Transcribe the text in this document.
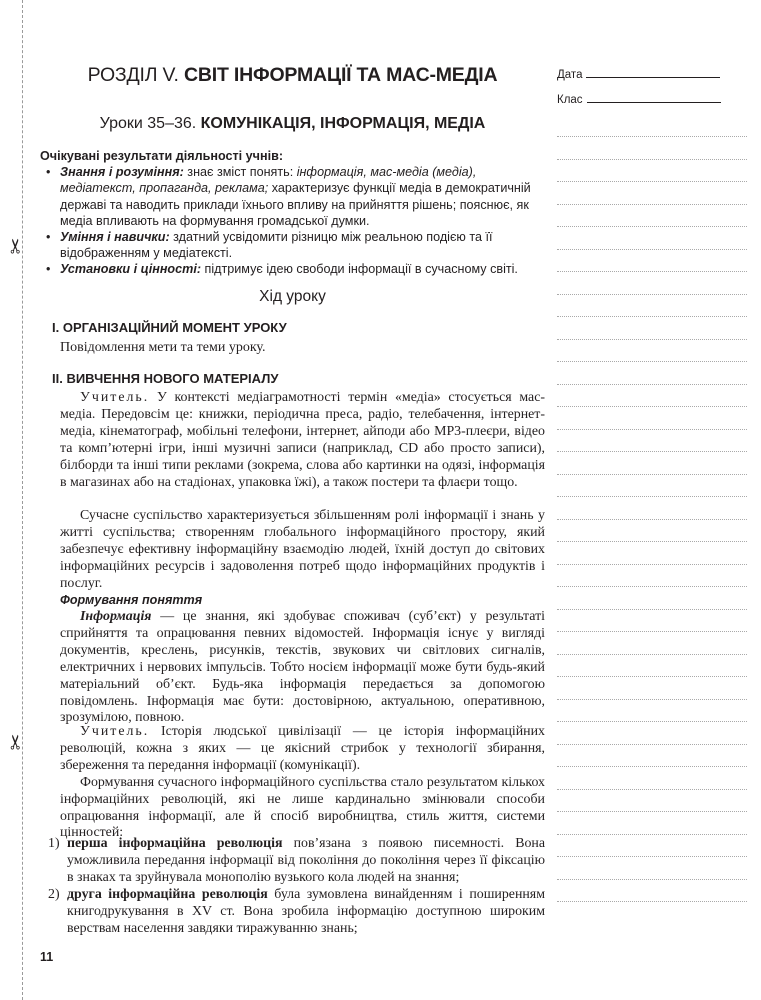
✂
✂
РОЗДІЛ V. СВІТ ІНФОРМАЦІЇ ТА МАС-МЕДІА
Уроки 35–36. КОМУНІКАЦІЯ, ІНФОРМАЦІЯ, МЕДІА
Очікувані результати діяльності учнів:
• Знання і розуміння: знає зміст понять: інформація, мас-медіа (медіа), медіатекст, пропаганда, реклама; характеризує функції медіа в демократичній державі та наводить приклади їхнього впливу на прийняття рішень; пояснює, як медіа впливають на формування громадської думки.
• Уміння і навички: здатний усвідомити різницю між реальною подією та її відображенням у медіатексті.
• Установки і цінності: підтримує ідею свободи інформації в сучасному світі.
Хід уроку
І. ОРГАНІЗАЦІЙНИЙ МОМЕНТ УРОКУ
Повідомлення мети та теми уроку.
ІІ. ВИВЧЕННЯ НОВОГО МАТЕРІАЛУ

Учитель. У контексті медіаграмотності термін «медіа» стосується мас-медіа. Передовсім це: книжки, періодична преса, радіо, телебачення, інтернет-медіа, кінематограф, мобільні телефони, інтернет, айподи або МР3-плеєри, відео та комп’ютерні ігри, інші музичні записи (наприклад, CD або просто записи), білборди та інші типи реклами (зокрема, слова або картинки на одязі, інформація в магазинах або на стадіонах, упаковка їжі), а також постери та флаєри тощо.

Сучасне суспільство характеризується збільшенням ролі інформації і знань у житті суспільства; створенням глобального інформаційного простору, який забезпечує ефективну інформаційну взаємодію людей, їхній доступ до світових інформаційних ресурсів і задоволення потреб щодо інформаційних продуктів і послуг.

Формування поняття

Інформація — це знання, які здобуває споживач (суб’єкт) у результаті сприйняття та опрацювання певних відомостей. Інформація існує у вигляді документів, креслень, рисунків, текстів, звукових чи світлових сигналів, електричних і нервових імпульсів. Тобто носієм інформації може бути будь-який матеріальний об’єкт. Будь-яка інформація передається за допомогою повідомлень. Інформація має бути: достовірною, актуальною, оперативною, зрозумілою, повною.

Учитель. Історія людської цивілізації — це історія інформаційних революцій, кожна з яких — це якісний стрибок у технології збирання, збереження та передання інформації (комунікації).

Формування сучасного інформаційного суспільства стало результатом кількох інформаційних революцій, які не лише кардинально змінювали способи опрацювання інформації, але й спосіб виробництва, стиль життя, системи цінностей:

1) перша інформаційна революція пов’язана з появою писемності. Вона уможливила передання інформації від покоління до покоління через її фіксацію в знаках та зруйнувала монополію вузького кола людей на знання;
2) друга інформаційна революція була зумовлена винайденням і поширенням книгодрукування в XV ст. Вона зробила інформацію доступною широким верствам населення завдяки тиражуванню знань;
11
Дата
Клас
